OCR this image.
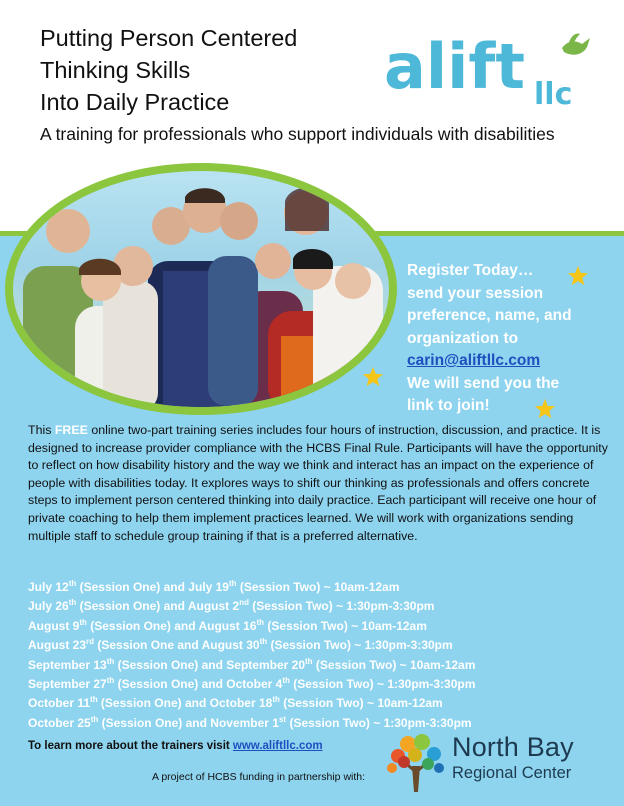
Putting Person Centered
Thinking Skills
Into Daily Practice	alift llc
A training for professionals who support individuals with disabilities
Register Today…
send your session
preference, name, and
organization to
carin@aliftllc.com
We will send you the
link to join!
This FREE online two-part training series includes four hours of instruction, discussion, and practice. It is designed to increase provider compliance with the HCBS Final Rule. Participants will have the opportunity to reflect on how disability history and the way we think and interact has an impact on the experience of people with disabilities today. It explores ways to shift our thinking as professionals and offers concrete steps to implement person centered thinking into daily practice. Each participant will receive one hour of private coaching to help them implement practices learned. We will work with organizations sending multiple staff to schedule group training if that is a preferred alternative.
July 12th (Session One) and July 19th (Session Two) ~ 10am-12am
July 26th (Session One) and August 2nd (Session Two) ~ 1:30pm-3:30pm
August 9th (Session One) and August 16th (Session Two) ~ 10am-12am
August 23rd (Session One and August 30th (Session Two) ~ 1:30pm-3:30pm
September 13th (Session One) and September 20th (Session Two) ~ 10am-12am
September 27th (Session One) and October 4th (Session Two) ~ 1:30pm-3:30pm
October 11th (Session One) and October 18th (Session Two) ~ 10am-12am
October 25th (Session One) and November 1st (Session Two) ~ 1:30pm-3:30pm
To learn more about the trainers visit www.aliftllc.com
A project of HCBS funding in partnership with:
North Bay
Regional Center
